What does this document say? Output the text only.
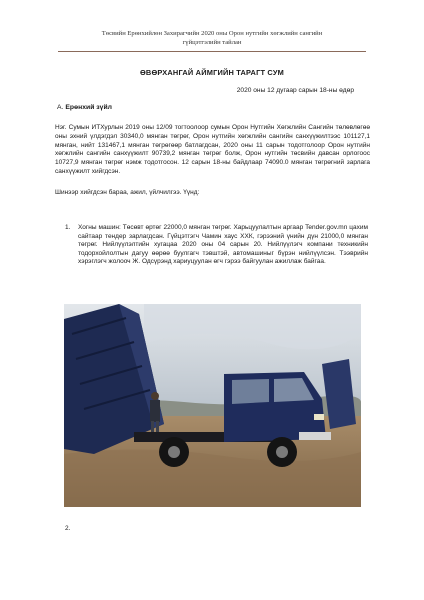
Төсвийн Ерөнхийлөн Захирагчийн 2020 оны Орон нутгийн хөгжлийн сангийн
гүйцэтгэлийн тайлан
ӨВӨРХАНГАЙ АЙМГИЙН ТАРАГТ СУМ
2020 оны 12 дугаар сарын 18-ны өдөр
А. Ерөнхий зүйл
Нэг. Сумын ИТХурлын 2019 оны 12/09 тогтоолоор сумын Орон Нутгийн Хөгжлийн Сангийн төлөвлөгөө оны эхний үлдэгдэл 30340,0 мянган төгрөг, Орон нутгийн хөгжлийн сангийн санхүүжилтээс 101127,1 мянган, нийт 131467,1 мянган төгрөгөөр батлагдсан, 2020 оны 11 сарын тодотголоор Орон нутгийн хөгжлийн сангийн санхүүжилт 90739,2 мянган төгрөг болж, Орон нутгийн төсвийн давсан орлогоос 10727,9 мянган төгрөг нэмж тодотгосон. 12 сарын 18-ны байдлаар 74090.0 мянган төгрөгний зарлага санхүүжилт хийгдсэн.
Шинээр хийгдсэн бараа, ажил, үйлчилгээ. Үүнд:
1. Хогны машин: Төсөвт өртөг 22000,0 мянган төгрөг. Харьцуулалтын аргаар Tender.gov.mn цахим сайтаар тендер зарлагдсан. Гүйцэтгэгч Чамин хаус ХХК, гэрээний үнийн дүн 21000,0 мянган төгрөг. Нийлүүлэлтийн хугацаа 2020 оны 04 сарын 20. Нийлүүлэгч компани техникийн тодорхойлолтын дагуу өөрөө буулгагч тэвштэй, автомашиныг бүрэн нийлүүлсэн. Тээврийн хэрэглэгч жолооч Ж. Одсүрэнд хариуцуулан өгч гэрээ байгуулан ажиллаж байгаа.
2.
